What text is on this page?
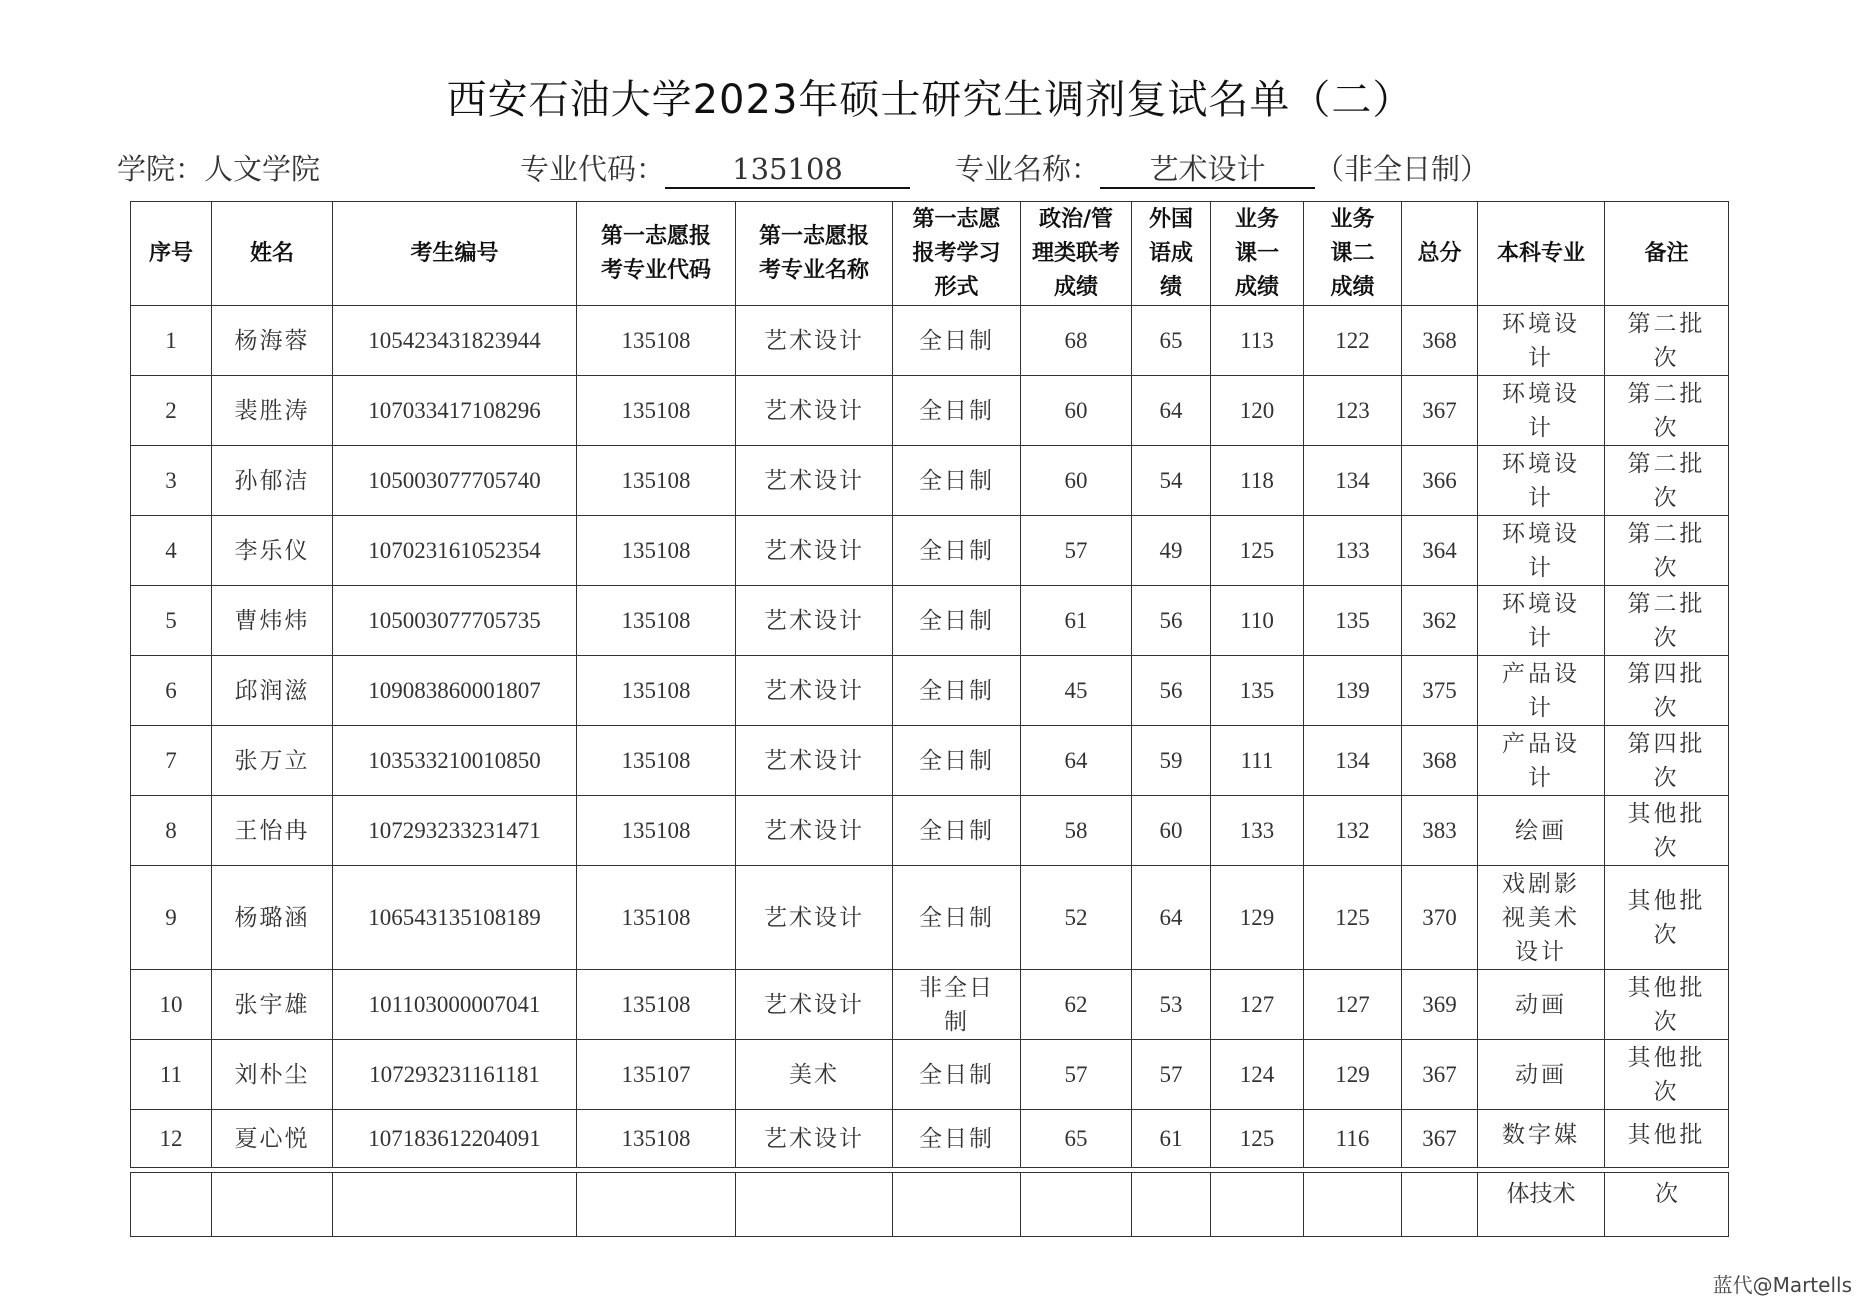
西安石油大学2023年硕士研究生调剂复试名单（二）
学院：人文学院	专业代码： 135108	专业名称： 艺术设计 （非全日制）
序号	姓名	考生编号	第一志愿报考专业代码	第一志愿报考专业名称	第一志愿报考学习形式	政治/管理类联考成绩	外国语成绩	业务课一成绩	业务课二成绩	总分	本科专业	备注
1	杨海蓉	105423431823944	135108	艺术设计	全日制	68	65	113	122	368	环境设计	第二批次
2	裴胜涛	107033417108296	135108	艺术设计	全日制	60	64	120	123	367	环境设计	第二批次
3	孙郁洁	105003077705740	135108	艺术设计	全日制	60	54	118	134	366	环境设计	第二批次
4	李乐仪	107023161052354	135108	艺术设计	全日制	57	49	125	133	364	环境设计	第二批次
5	曹炜炜	105003077705735	135108	艺术设计	全日制	61	56	110	135	362	环境设计	第二批次
6	邱润滋	109083860001807	135108	艺术设计	全日制	45	56	135	139	375	产品设计	第四批次
7	张万立	103533210010850	135108	艺术设计	全日制	64	59	111	134	368	产品设计	第四批次
8	王怡冉	107293233231471	135108	艺术设计	全日制	58	60	133	132	383	绘画	其他批次
9	杨璐涵	106543135108189	135108	艺术设计	全日制	52	64	129	125	370	戏剧影视美术设计	其他批次
10	张宇雄	101103000007041	135108	艺术设计	非全日制	62	53	127	127	369	动画	其他批次
11	刘朴尘	107293231161181	135107	美术	全日制	57	57	124	129	367	动画	其他批次
12	夏心悦	107183612204091	135108	艺术设计	全日制	65	61	125	116	367	数字媒	其他批
											体技术	次
蓝代@Martells
